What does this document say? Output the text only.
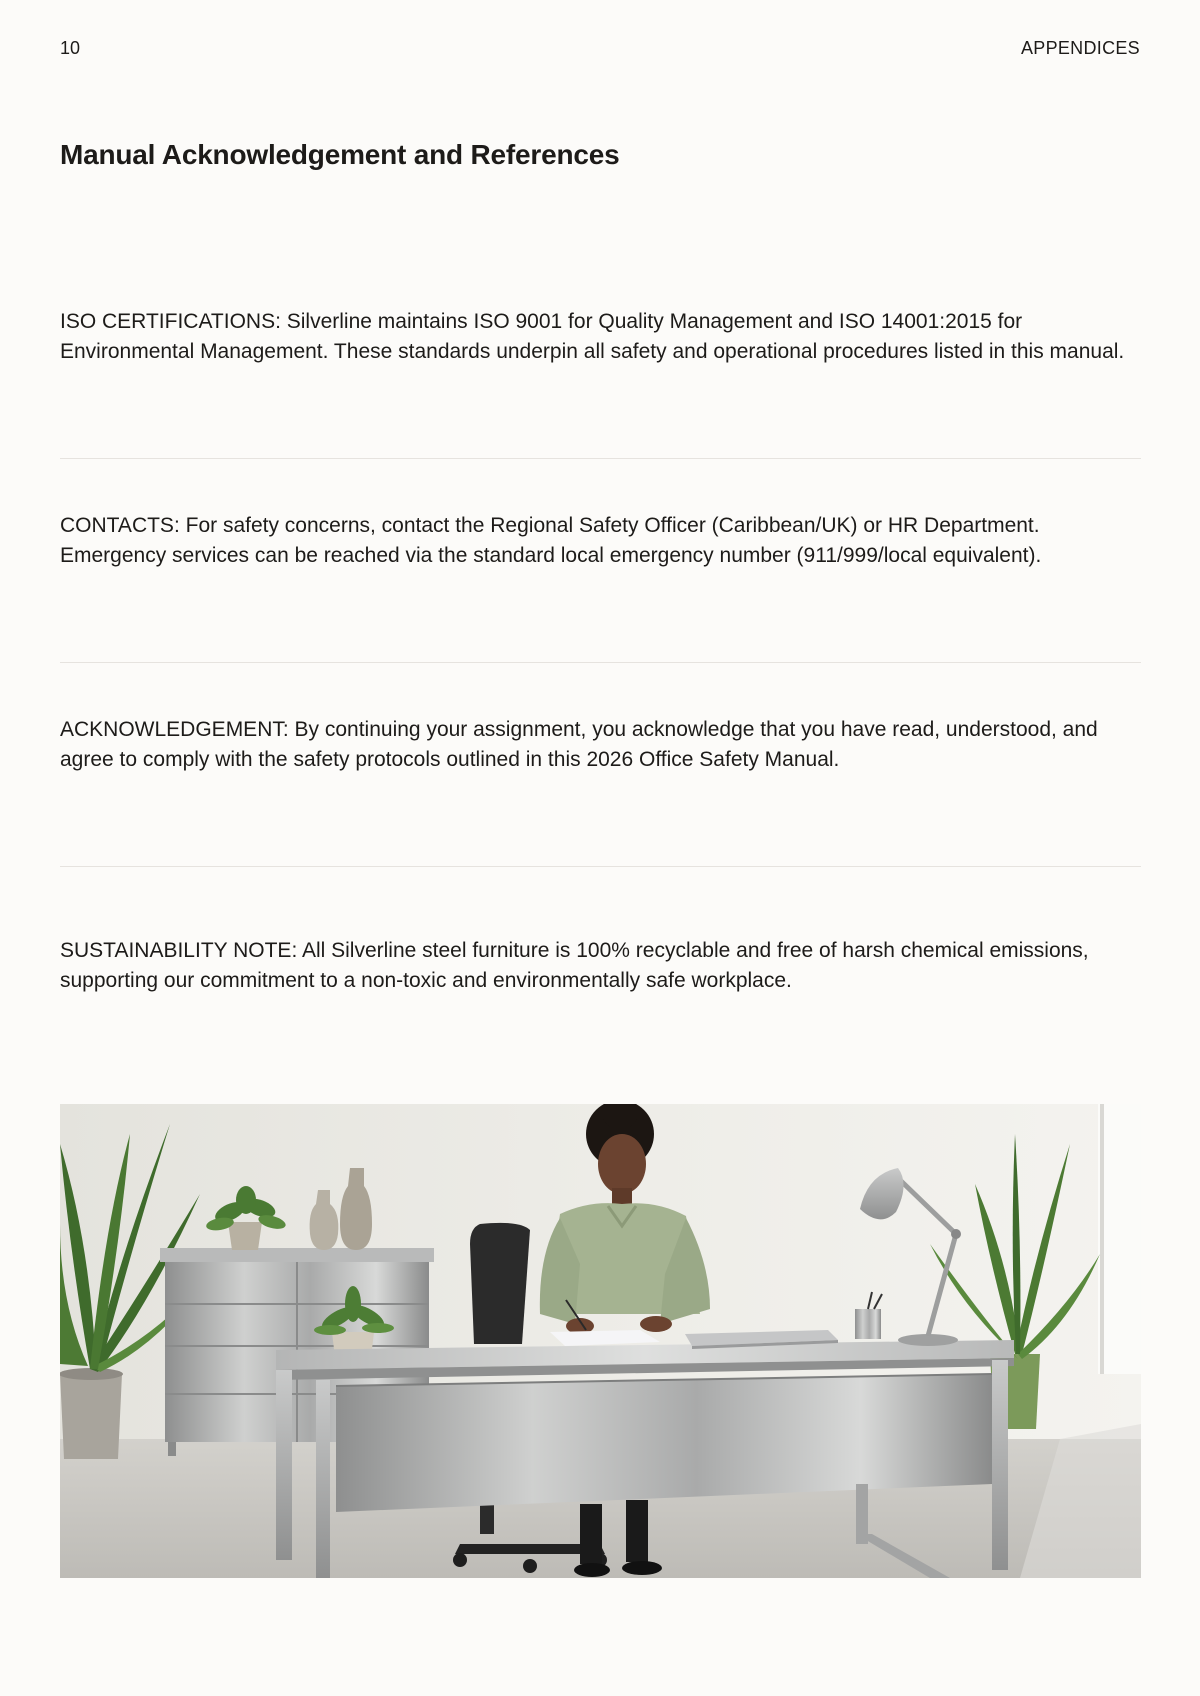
10	APPENDICES
Manual Acknowledgement and References

ISO CERTIFICATIONS: Silverline maintains ISO 9001 for Quality Management and ISO 14001:2015 for Environmental Management. These standards underpin all safety and operational procedures listed in this manual.

CONTACTS: For safety concerns, contact the Regional Safety Officer (Caribbean/UK) or HR Department. Emergency services can be reached via the standard local emergency number (911/999/local equivalent).

ACKNOWLEDGEMENT: By continuing your assignment, you acknowledge that you have read, understood, and agree to comply with the safety protocols outlined in this 2026 Office Safety Manual.

SUSTAINABILITY NOTE: All Silverline steel furniture is 100% recyclable and free of harsh chemical emissions, supporting our commitment to a non-toxic and environmentally safe workplace.
